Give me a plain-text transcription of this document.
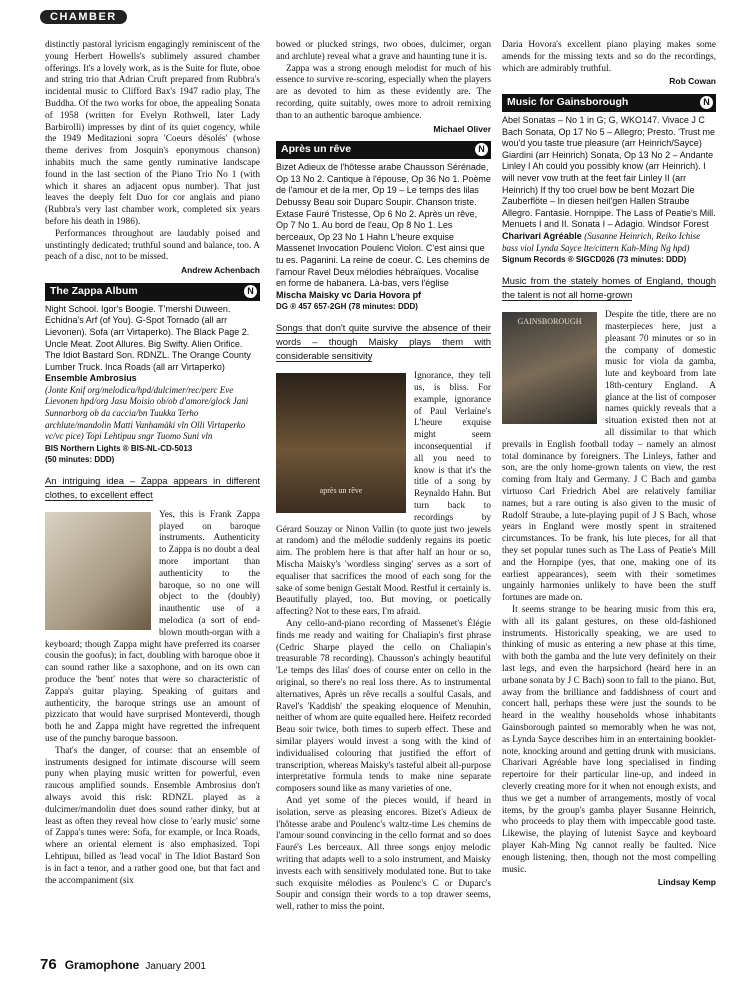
CHAMBER

distinctly pastoral lyricism engagingly reminiscent of the young Herbert Howells's sublimely assured chamber offerings. It's a lovely work, as is the Suite for flute, oboe and string trio that Adrian Cruft prepared from Rubbra's incidental music to Clifford Bax's 1947 radio play, The Buddha. Of the two works for oboe, the appealing Sonata of 1958 (written for Evelyn Rothwell, later Lady Barbirolli) impresses by dint of its quiet cogency, while the 1949 Meditazioni sopra 'Coeurs désolés' (whose theme derives from Josquin's eponymous chanson) inhabits much the same gently ruminative landscape found in the last section of the Piano Trio No 1 (with which it shares an adjacent opus number). That just leaves the deeply felt Duo for cor anglais and piano (Rubbra's very last chamber work, completed six years before his death in 1986).

Performances throughout are laudably poised and unstintingly dedicated; truthful sound and balance, too. A peach of a disc, not to be missed.

Andrew Achenbach
The Zappa Album	N
Night School. Igor's Boogie. T'mershi Duween. Echidna's Arf (of You). G-Spot Tornado (all arr Lievonen). Sofa (arr Virtaperko). The Black Page 2. Uncle Meat. Zoot Allures. Big Swifty. Alien Orifice. The Idiot Bastard Son. RDNZL. The Orange County Lumber Truck. Inca Roads (all arr Virtaperko)
Ensemble Ambrosius
(Jonte Knif org/melodica/hpd/dulcimer/rec/perc Eve Lievonen hpd/org Jasu Moisio ob/ob d'amore/glock Jani Sunnarborg ob da caccia/bn Tuukka Terho archlute/mandolin Matti Vanhamäki vln Olli Virtaperko vc/vc pice) Topi Lehtipuu sngr Tuomo Suni vln
BIS Northern Lights ® BIS-NL-CD-5013
(50 minutes: DDD)
An intriguing idea – Zappa appears in different clothes, to excellent effect

Yes, this is Frank Zappa played on baroque instruments. Authenticity to Zappa is no doubt a deal more important than authenticity to the baroque, so no one will object to the (doubly) inauthentic use of a melodica (a sort of end-blown mouth-organ with a keyboard; though Zappa might have preferred its coarser cousin the goofus); in fact, doubling with baroque oboe it can sound rather like a saxophone, and on its own can produce the 'bent' notes that were so characteristic of Zappa's guitar playing. Speaking of guitars and authenticity, the baroque strings use an amount of pizzicato that would have surprised Monteverdi, though both he and Zappa might have regretted the infrequent use of the punchy baroque bassoon.

That's the danger, of course: that an ensemble of instruments designed for intimate discourse will seem puny when playing music written for powerful, even raucous amplified sounds. Ensemble Ambrosius don't always avoid this risk: RDNZL played as a dulcimer/mandolin duet does sound rather dinky, but at least as often they reveal how close to 'early music' some of Zappa's tunes were: Sofa, for example, or Inca Roads, where an oriental element is also emphasized. Topi Lehtipuu, billed as 'lead vocal' in The Idiot Bastard Son is in fact a tenor, and a rather good one, but that fact and the accompaniment (six

bowed or plucked strings, two oboes, dulcimer, organ and archlute) reveal what a grave and haunting tune it is.

Zappa was a strong enough melodist for much of his essence to survive re-scoring, especially when the players are as devoted to him as these evidently are. The recording, quite suitably, owes more to adroit remixing than to an authentic baroque ambience.

Michael Oliver
Après un rêve	N
Bizet Adieux de l'hôtesse arabe Chausson Sérénade, Op 13 No 2. Cantique à l'épouse, Op 36 No 1. Poème de l'amour et de la mer, Op 19 – Le temps des lilas Debussy Beau soir Duparc Soupir. Chanson triste. Extase Fauré Tristesse, Op 6 No 2. Après un rêve, Op 7 No 1. Au bord de l'eau, Op 8 No 1. Les berceaux, Op 23 No 1 Hahn L'heure exquise Massenet Invocation Poulenc Violon. C'est ainsi que tu es. Paganini. La reine de coeur. C. Les chemins de l'amour Ravel Deux mélodies hébraïques. Vocalise en forme de habanera. Là-bas, vers l'église
Mischa Maisky vc Daria Hovora pf
DG ® 457 657-2GH (78 minutes: DDD)
Songs that don't quite survive the absence of their words – though Maisky plays them with considerable sensitivity
après un rêve

Ignorance, they tell us, is bliss. For example, ignorance of Paul Verlaine's L'heure exquise might seem inconsequential if all you need to know is that it's the title of a song by Reynaldo Hahn. But turn back to recordings by Gérard Souzay or Ninon Vallin (to quote just two jewels at random) and the mélodie suddenly regains its poetic aim. The problem here is that after half an hour or so, Mischa Maisky's 'wordless singing' serves as a sort of equaliser that sacrifices the mood of each song for the sake of some benign Gestalt Mood. Restful it certainly is. Beautifully played, too. But moving, or poetically affecting? Not to these ears, I'm afraid.

Any cello-and-piano recording of Massenet's Élégie finds me ready and waiting for Chaliapin's first phrase (Cedric Sharpe played the cello on Chaliapin's treasurable 78 recording). Chausson's achingly beautiful 'Le temps des lilas' does of course enter on cello in the original, so there's no real loss there. As to instrumental alternatives, Après un rêve recalls a soulful Casals, and Ravel's 'Kaddish' the speaking eloquence of Menuhin, neither of whom are quite equalled here. Heifetz recorded Beau soir twice, both times to superb effect. These and similar players would invest a song with the kind of individualised colouring that justified the effort of transcription, whereas Maisky's tasteful albeit all-purpose interpretative formula tends to make nine separate composers sound like as many varieties of one.

And yet some of the pieces would, if heard in isolation, serve as pleasing encores. Bizet's Adieux de l'hôtesse arabe and Poulenc's waltz-time Les chemins de l'amour sound convincing in the cello format and so does Fauré's Les berceaux. All three songs enjoy melodic writing that adapts well to a solo instrument, and Maisky invests each with sensitively modulated tone. But to take such exquisite mélodies as Poulenc's C or Duparc's Soupir and consign their words to a top drawer seems, well, rather to miss the point.

Daria Hovora's excellent piano playing makes some amends for the missing texts and so do the recordings, which are admirably truthful.

Rob Cowan
Music for Gainsborough	N
Abel Sonatas – No 1 in G; G, WKO147. Vivace J C Bach Sonata, Op 17 No 5 – Allegro; Presto. 'Trust me wou'd you taste true pleasure (arr Heinrich/Sayce) Giardini (arr Heinrich) Sonata, Op 13 No 2 – Andante Linley I Ah could you possibly know (arr Heinrich). I will never vow truth at the feet fair Linley II (arr Heinrich) If thy too cruel bow be bent Mozart Die Zauberflöte – In diesen heil'gen Hallen Straube Allegro. Fantasie. Hornpipe. The Lass of Peatie's Mill. Menuets I and II. Sonata I – Adagio. Windsor Forest
Charivari Agréable (Susanne Heinrich, Reiko Ichise bass viol Lynda Sayce lte/cittern Kah-Ming Ng hpd)
Signum Records ® SIGCD026 (73 minutes: DDD)
Music from the stately homes of England, though the talent is not all home-grown
GAINSBOROUGH

Despite the title, there are no masterpieces here, just a pleasant 70 minutes or so in the company of domestic music for viola da gamba, lute and keyboard from late 18th-century England. A glance at the list of composer names quickly reveals that a situation existed then not at all dissimilar to that which prevails in English football today – namely an almost total dominance by foreigners. The Linleys, father and son, are the only home-grown talents on view, the rest coming from Italy and Germany. J C Bach and gamba virtuoso Carl Friedrich Abel are relatively familiar names, but a rare outing is also given to the music of Rudolf Straube, a lute-playing pupil of J S Bach, whose years in England were mostly spent in straitened circumstances. To be frank, his lute pieces, for all that they set popular tunes such as The Lass of Peatie's Mill and the Hornpipe (yes, that one, making one of its earliest appearances), seem with their sometimes ungainly harmonies unlikely to have been the stuff fortunes are made on.

It seems strange to be hearing music from this era, with all its galant gestures, on these old-fashioned instruments. Historically speaking, we are used to thinking of music as entering a new phase at this time, with both the gamba and the lute very definitely on their last legs, and even the harpsichord (heard here in an urbane sonata by J C Bach) soon to fall to the piano. But, away from the brilliance and faddishness of court and concert hall, perhaps these were just the sounds to be heard in the wealthy households whose inhabitants Gainsborough painted so memorably when he was not, as Lynda Sayce describes him in an entertaining booklet-note, knocking around and getting drunk with musicians. Charivari Agréable have long specialised in finding repertoire for their particular line-up, and indeed in cleverly creating more for it when not enough exists, and thus we get a number of arrangements, mostly of vocal items, by the group's gamba player Susanne Heinrich, who proceeds to play them with impeccable good taste. Likewise, the playing of lutenist Sayce and keyboard player Kah-Ming Ng cannot really be faulted. Nice enough listening, then, though not the most compelling music.

Lindsay Kemp
76 Gramophone January 2001
